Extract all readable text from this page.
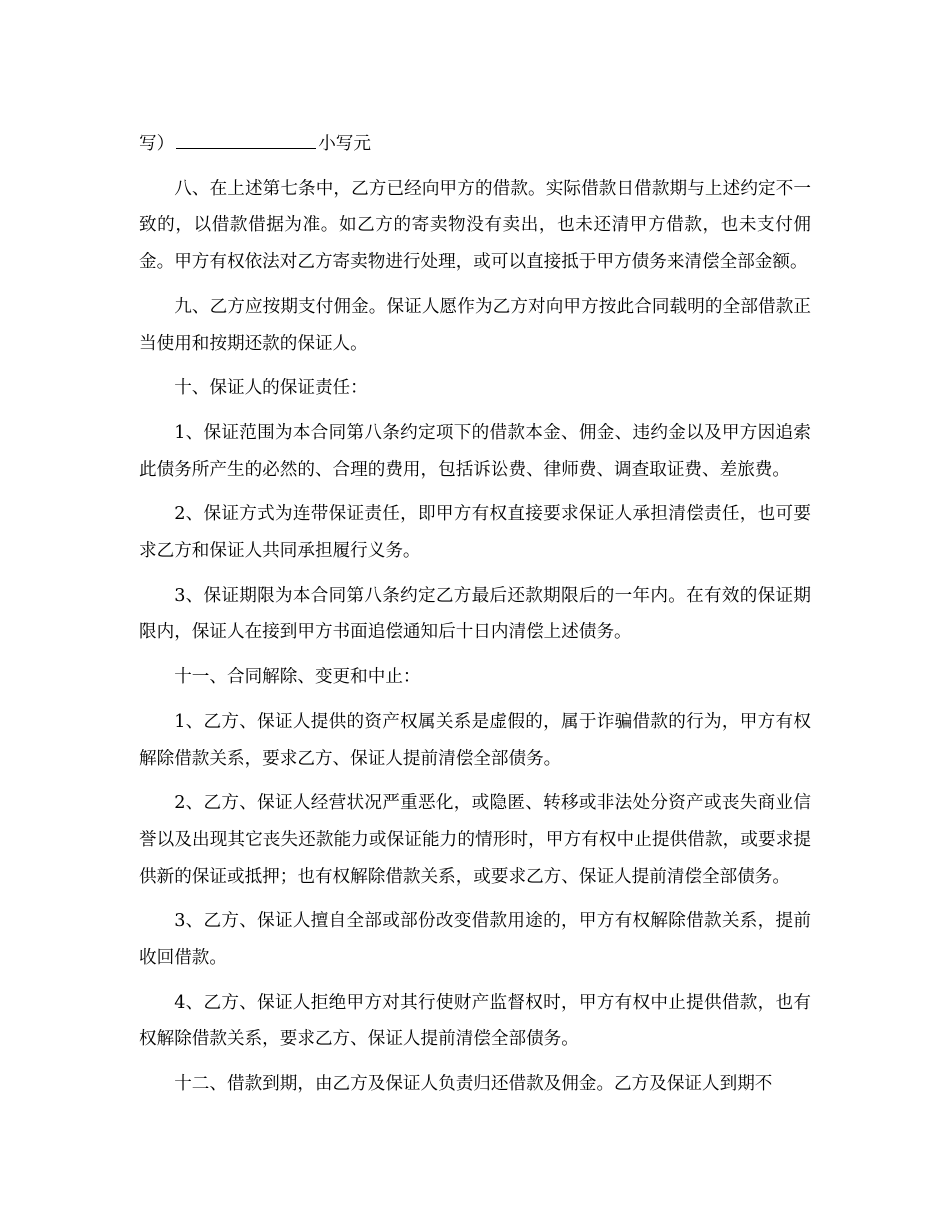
写）	小写元

八、在上述第七条中，乙方已经向甲方的借款。实际借款日借款期与上述约定不一致的，以借款借据为准。如乙方的寄卖物没有卖出，也未还清甲方借款，也未支付佣金。甲方有权依法对乙方寄卖物进行处理，或可以直接抵于甲方债务来清偿全部金额。

九、乙方应按期支付佣金。保证人愿作为乙方对向甲方按此合同载明的全部借款正当使用和按期还款的保证人。

十、保证人的保证责任：

1、保证范围为本合同第八条约定项下的借款本金、佣金、违约金以及甲方因追索此债务所产生的必然的、合理的费用，包括诉讼费、律师费、调查取证费、差旅费。

2、保证方式为连带保证责任，即甲方有权直接要求保证人承担清偿责任，也可要求乙方和保证人共同承担履行义务。

3、保证期限为本合同第八条约定乙方最后还款期限后的一年内。在有效的保证期限内，保证人在接到甲方书面追偿通知后十日内清偿上述债务。

十一、合同解除、变更和中止：

1、乙方、保证人提供的资产权属关系是虚假的，属于诈骗借款的行为，甲方有权解除借款关系，要求乙方、保证人提前清偿全部债务。

2、乙方、保证人经营状况严重恶化，或隐匿、转移或非法处分资产或丧失商业信誉以及出现其它丧失还款能力或保证能力的情形时，甲方有权中止提供借款，或要求提供新的保证或抵押；也有权解除借款关系，或要求乙方、保证人提前清偿全部债务。

3、乙方、保证人擅自全部或部份改变借款用途的，甲方有权解除借款关系，提前收回借款。

4、乙方、保证人拒绝甲方对其行使财产监督权时，甲方有权中止提供借款，也有权解除借款关系，要求乙方、保证人提前清偿全部债务。

十二、借款到期，由乙方及保证人负责归还借款及佣金。乙方及保证人到期不
